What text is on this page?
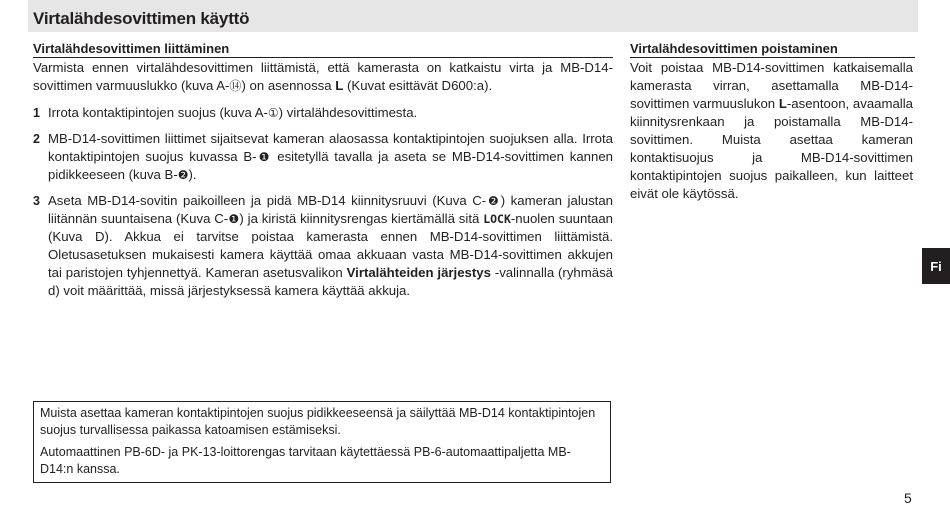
Virtalähdesovittimen käyttö
Virtalähdesovittimen liittäminen

Varmista ennen virtalähdesovittimen liittämistä, että kamerasta on katkaistu virta ja MB-D14-sovittimen varmuuslukko (kuva A-⑭) on asennossa L (Kuvat esittävät D600:a).

1 Irrota kontaktipintojen suojus (kuva A-①) virtalähdesovittimesta.
2 MB-D14-sovittimen liittimet sijaitsevat kameran alaosassa kontaktipintojen suojuksen alla. Irrota kontaktipintojen suojus kuvassa B-❶ esitetyllä tavalla ja aseta se MB-D14-sovittimen kannen pidikkeeseen (kuva B-❷).
3 Aseta MB-D14-sovitin paikoilleen ja pidä MB-D14 kiinnitysruuvi (Kuva C-❷) kameran jalustan liitännän suuntaisena (Kuva C-❶) ja kiristä kiinnitysrengas kiertämällä sitä LOCK-nuolen suuntaan (Kuva D). Akkua ei tarvitse poistaa kamerasta ennen MB-D14-sovittimen liittämistä. Oletusasetuksen mukaisesti kamera käyttää omaa akkuaan vasta MB-D14-sovittimen akkujen tai paristojen tyhjennettyä. Kameran asetusvalikon Virtalähteiden järjestys -valinnalla (ryhmäsä d) voit määrittää, missä järjestyksessä kamera käyttää akkuja.
Virtalähdesovittimen poistaminen

Voit poistaa MB-D14-sovittimen katkaisemalla kamerasta virran, asettamalla MB-D14-sovittimen varmuuslukon L-asentoon, avaamalla kiinnitysrenkaan ja poistamalla MB-D14-sovittimen. Muista asettaa kameran kontaktisuojus ja MB-D14-sovittimen kontaktipintojen suojus paikalleen, kun laitteet eivät ole käytössä.

Muista asettaa kameran kontaktipintojen suojus pidikkeeseensä ja säilyttää MB-D14 kontaktipintojen suojus turvallisessa paikassa katoamisen estämiseksi.

Automaattinen PB-6D- ja PK-13-loittorengas tarvitaan käytettäessä PB-6-automaattipaljetta MB-D14:n kanssa.

Fi
5
